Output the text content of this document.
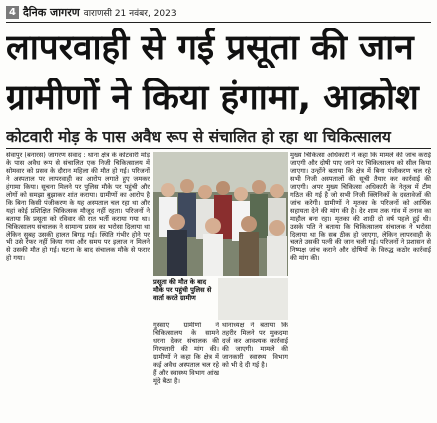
4 दैनिक जागरण वाराणसी 21 नवंबर, 2023
लापरवाही से गई प्रसूता की जान
ग्रामीणों ने किया हंगामा, आक्रोश
कोटवारी मोड़ के पास अवैध रूप से संचालित हो रहा था चिकित्सालय
सेवापुर (बनारस) जागरण संवाद : थाना क्षेत्र के कोटवारी मोड़ के पास अवैध रूप से संचालित एक निजी चिकित्सालय में सोमवार को प्रसव के दौरान महिला की मौत हो गई। परिजनों ने अस्पताल पर लापरवाही का आरोप लगाते हुए जमकर हंगामा किया। सूचना मिलने पर पुलिस मौके पर पहुंची और लोगों को समझा बुझाकर शांत कराया। ग्रामीणों का आरोप है कि बिना किसी पंजीकरण के यह अस्पताल चल रहा था और यहां कोई प्रशिक्षित चिकित्सक मौजूद नहीं रहता। परिजनों ने बताया कि प्रसूता को रविवार की रात भर्ती कराया गया था। चिकित्सालय संचालक ने सामान्य प्रसव का भरोसा दिलाया था लेकिन सुबह उसकी हालत बिगड़ गई। स्थिति गंभीर होने पर भी उसे रेफर नहीं किया गया और समय पर इलाज न मिलने से उसकी मौत हो गई। घटना के बाद संचालक मौके से फरार हो गया।
प्रसूता की मौत के बाद मौके पर पहुंची पुलिस से वार्ता करते ग्रामीण
गुस्साए ग्रामीणों ने चिकित्सालय के सामने धरना देकर संचालक की गिरफ्तारी की मांग की। ग्रामीणों ने कहा कि क्षेत्र में कई अवैध अस्पताल चल रहे हैं और स्वास्थ्य विभाग आंख मूंदे बैठा है।
थानाध्यक्ष ने बताया कि तहरीर मिलने पर मुकदमा दर्ज कर आवश्यक कार्रवाई की जाएगी। मामले की जानकारी स्वास्थ्य विभाग को भी दे दी गई है।
मुख्य चिकित्सा अधिकारी ने कहा कि मामले की जांच कराई जाएगी और दोषी पाए जाने पर चिकित्सालय को सील किया जाएगा। उन्होंने बताया कि क्षेत्र में बिना पंजीकरण चल रहे सभी निजी अस्पतालों की सूची तैयार कर कार्रवाई की जाएगी। अपर मुख्य चिकित्सा अधिकारी के नेतृत्व में टीम गठित की गई है जो सभी निजी क्लिनिकों के दस्तावेजों की जांच करेगी। ग्रामीणों ने मृतका के परिजनों को आर्थिक सहायता देने की मांग की है। देर शाम तक गांव में तनाव का माहौल बना रहा। मृतका की शादी दो वर्ष पहले हुई थी। उसके पति ने बताया कि चिकित्सालय संचालक ने भरोसा दिलाया था कि सब ठीक हो जाएगा, लेकिन लापरवाही के चलते उसकी पत्नी की जान चली गई। परिजनों ने प्रशासन से निष्पक्ष जांच कराने और दोषियों के विरुद्ध कठोर कार्रवाई की मांग की।
